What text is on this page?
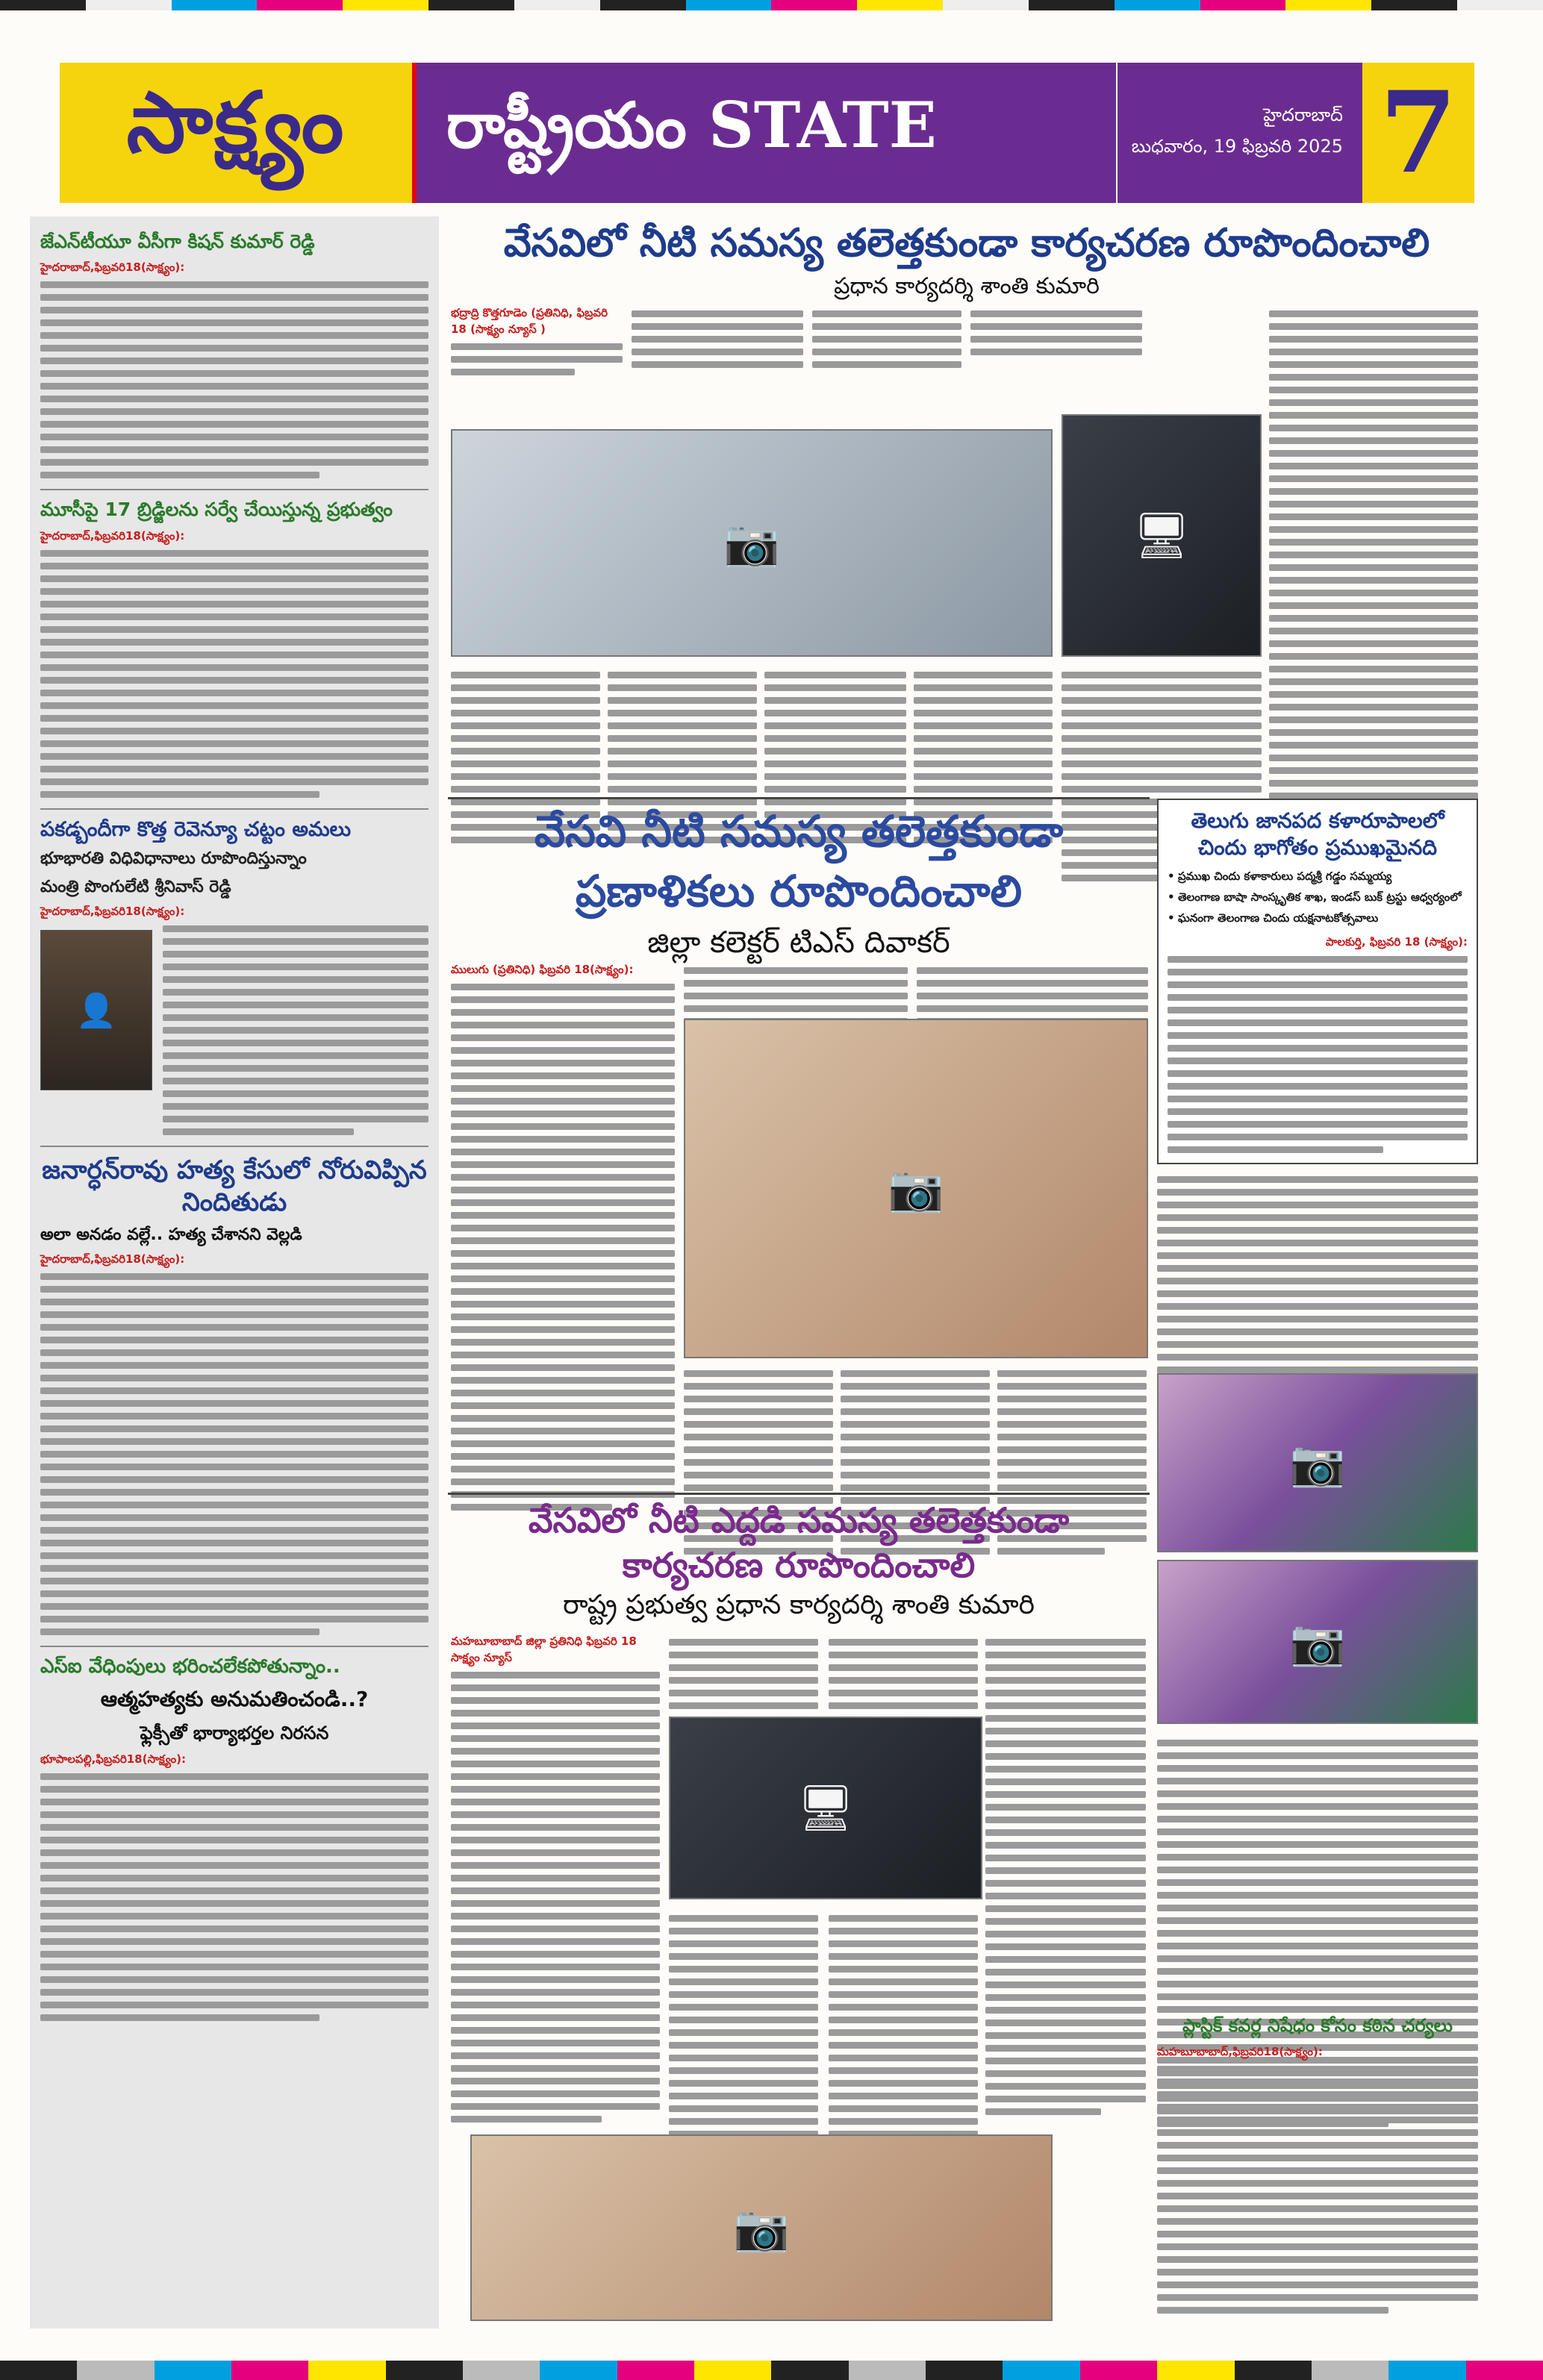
సాక్ష్యం రాష్ట్రీయం STATE	హైదరాబాద్
బుధవారం, 19 ఫిబ్రవరి 2025 7
జేఎన్‌టీయూ వీసీగా కిషన్ కుమార్ రెడ్డి
హైదరాబాద్,ఫిబ్రవరి18(సాక్ష్యం):
మూసీపై 17 బ్రిడ్జిలను సర్వే చేయిస్తున్న ప్రభుత్వం
హైదరాబాద్,ఫిబ్రవరి18(సాక్ష్యం):
పకడ్బందీగా కొత్త రెవెన్యూ చట్టం అమలు
భూభారతి విధివిధానాలు రూపొందిస్తున్నాం
మంత్రి పొంగులేటి శ్రీనివాస్ రెడ్డి
హైదరాబాద్,ఫిబ్రవరి18(సాక్ష్యం):
👤
జనార్ధన్‌రావు హత్య కేసులో నోరువిప్పిన నిందితుడు
అలా అనడం వల్లే.. హత్య చేశానని వెల్లడి
హైదరాబాద్,ఫిబ్రవరి18(సాక్ష్యం):
ఎస్ఐ వేధింపులు భరించలేకపోతున్నాం..
ఆత్మహత్యకు అనుమతించండి..?
ఫ్లెక్సీతో భార్యాభర్తల నిరసన
భూపాలపల్లి,ఫిబ్రవరి18(సాక్ష్యం):
వేసవిలో నీటి సమస్య తలెత్తకుండా కార్యచరణ రూపొందించాలి
ప్రధాన కార్యదర్శి శాంతి కుమారి
భద్రాద్రి కొత్తగూడెం (ప్రతినిధి, ఫిబ్రవరి 18 (సాక్ష్యం న్యూస్ )
📷	🖥
వేసవి నీటి సమస్య తలెత్తకుండా
ప్రణాళికలు రూపొందించాలి
జిల్లా కలెక్టర్ టిఎస్ దివాకర్
ములుగు (ప్రతినిధి) ఫిబ్రవరి 18(సాక్ష్యం):
📷
తెలుగు జానపద కళారూపాలలో చిందు భాగోతం ప్రముఖమైనది
• ప్రముఖ చిందు కళాకారులు పద్మశ్రీ గడ్డం సమ్మయ్య
• తెలంగాణ బాషా సాంస్కృతిక శాఖ, ఇండస్ బుక్ ట్రస్టు ఆధ్వర్యంలో
• ఘనంగా తెలంగాణ చిందు యక్షనాటకోత్సవాలు
పాలకుర్తి, ఫిబ్రవరి 18 (సాక్ష్యం):
📷
📷
ప్లాస్టిక్ కవర్ల నిషేధం కోసం కఠిన చర్యలు
మహబూబాబాద్,ఫిబ్రవరి18(సాక్ష్యం):
వేసవిలో నీటి ఎద్దడి సమస్య తలెత్తకుండా
కార్యచరణ రూపొందించాలి
రాష్ట్ర ప్రభుత్వ ప్రధాన కార్యదర్శి శాంతి కుమారి
మహబూబాబాద్ జిల్లా ప్రతినిధి ఫిబ్రవరి 18 సాక్ష్యం న్యూస్
🖥
📷
